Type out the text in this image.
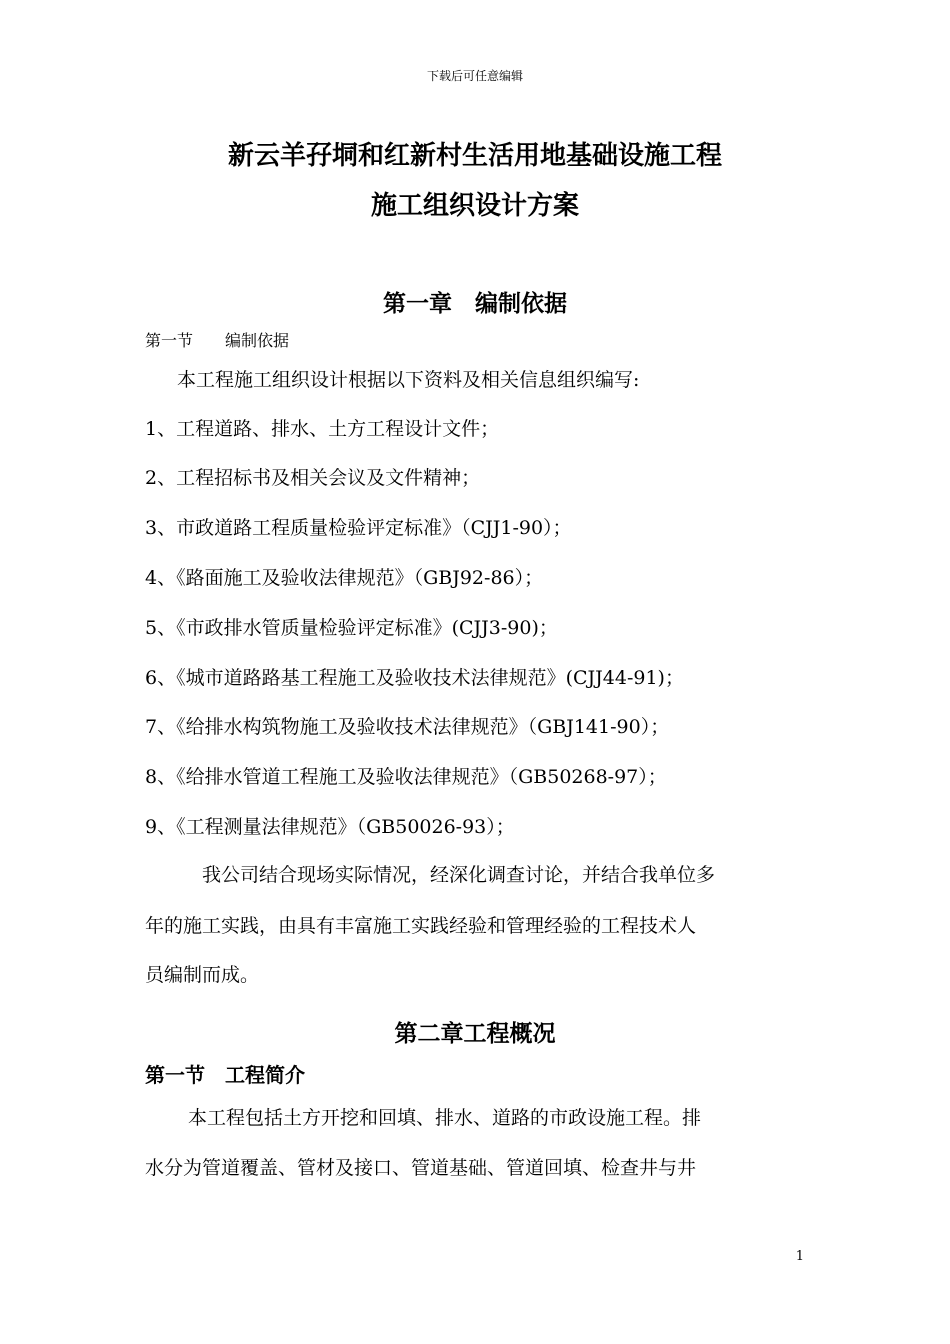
下载后可任意编辑
新云羊孖垌和红新村生活用地基础设施工程
施工组织设计方案
第一章　编制依据
第一节　　编制依据
本工程施工组织设计根据以下资料及相关信息组织编写:
1、工程道路、排水、土方工程设计文件；
2、工程招标书及相关会议及文件精神；
3、市政道路工程质量检验评定标准》（CJJ1-90）；
4、《路面施工及验收法律规范》（GBJ92-86）；
5、《市政排水管质量检验评定标准》(CJJ3-90)；
6、《城市道路路基工程施工及验收技术法律规范》(CJJ44-91)；
7、《给排水构筑物施工及验收技术法律规范》（GBJ141-90）；
8、《给排水管道工程施工及验收法律规范》（GB50268-97）；
9、《工程测量法律规范》（GB50026-93）；
我公司结合现场实际情况，经深化调查讨论，并结合我单位多
年的施工实践，由具有丰富施工实践经验和管理经验的工程技术人
员编制而成。
第二章工程概况
第一节　工程简介
本工程包括土方开挖和回填、排水、道路的市政设施工程。排
水分为管道覆盖、管材及接口、管道基础、管道回填、检查井与井
1
